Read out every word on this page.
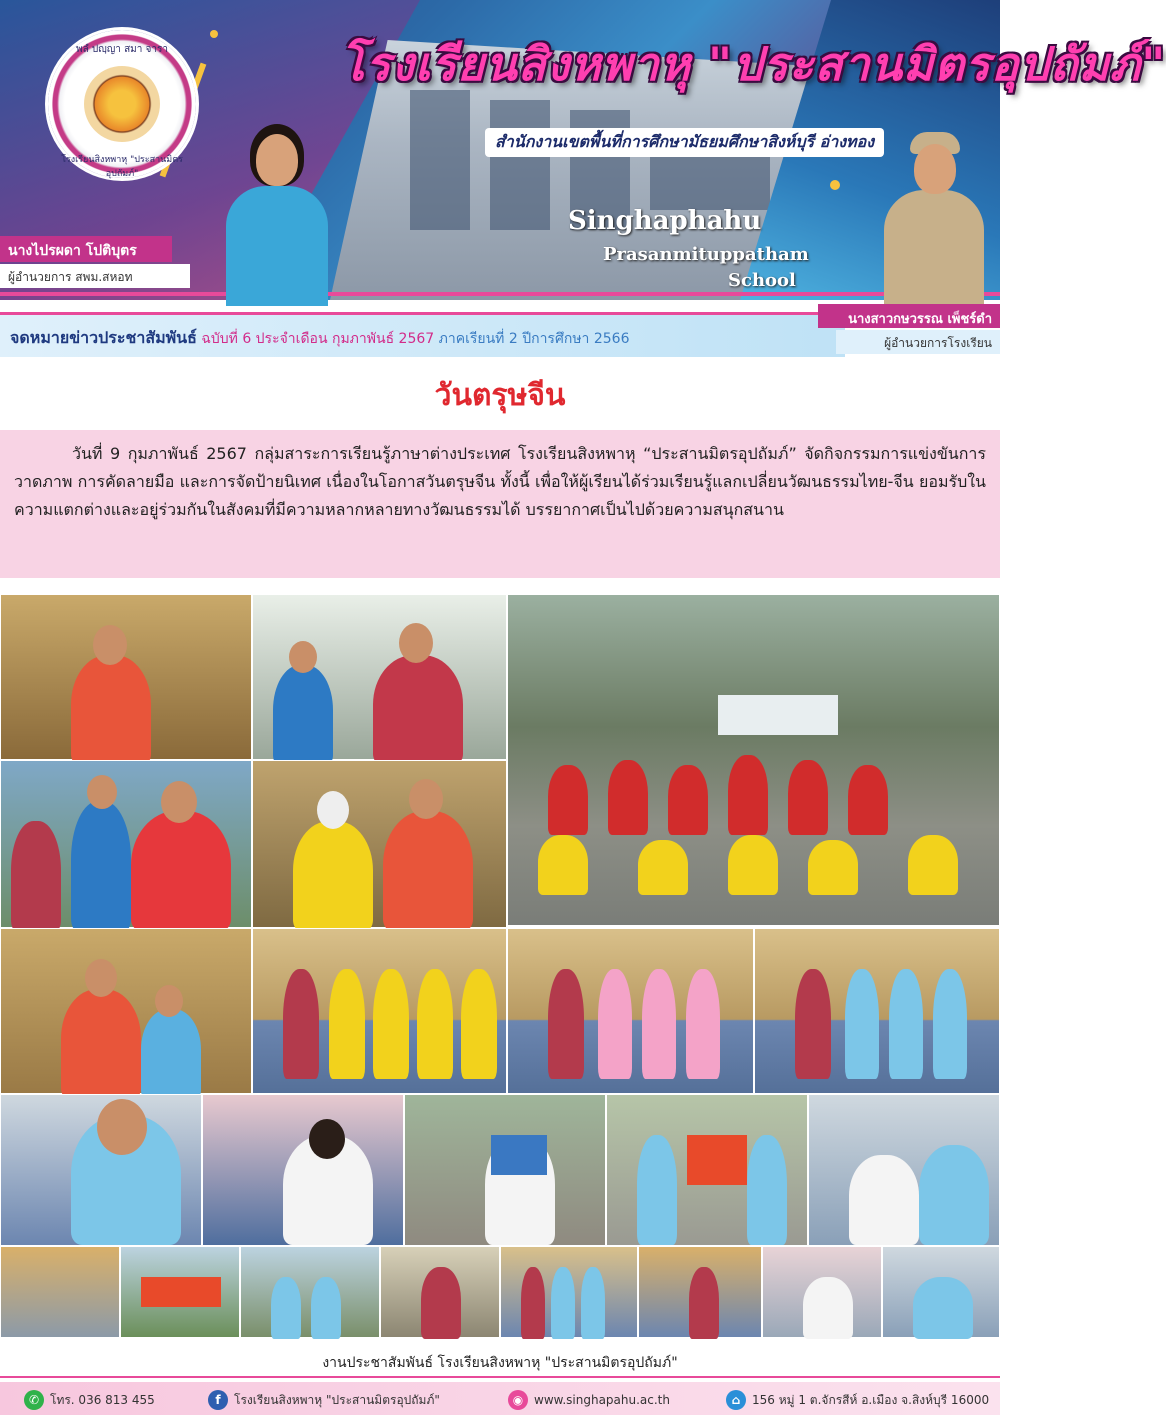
พลํ ปญฺญา สมา จารา
โรงเรียนสิงหพาหุ "ประสานมิตรอุปถัมภ์"
โรงเรียนสิงหพาหุ "ประสานมิตรอุปถัมภ์"
สำนักงานเขตพื้นที่การศึกษามัธยมศึกษาสิงห์บุรี อ่างทอง
Singhaphahu
Prasanmituppatham
School
นางไปรผดา โปติบุตร
ผู้อำนวยการ สพม.สหอท
จดหมายข่าวประชาสัมพันธ์ ฉบับที่ 6 ประจำเดือน กุมภาพันธ์ 2567 ภาคเรียนที่ 2 ปีการศึกษา 2566
นางสาวกษวรรณ เพ็ชร์ดำ
ผู้อำนวยการโรงเรียน
วันตรุษจีน
วันที่ 9 กุมภาพันธ์ 2567 กลุ่มสาระการเรียนรู้ภาษาต่างประเทศ โรงเรียนสิงหพาหุ “ประสานมิตรอุปถัมภ์” จัดกิจกรรมการแข่งขันการวาดภาพ การคัดลายมือ และการจัดป้ายนิเทศ เนื่องในโอกาสวันตรุษจีน ทั้งนี้ เพื่อให้ผู้เรียนได้ร่วมเรียนรู้แลกเปลี่ยนวัฒนธรรมไทย-จีน ยอมรับในความแตกต่างและอยู่ร่วมกันในสังคมที่มีความหลากหลายทางวัฒนธรรมได้ บรรยากาศเป็นไปด้วยความสนุกสนาน
งานประชาสัมพันธ์ โรงเรียนสิงหพาหุ "ประสานมิตรอุปถัมภ์"
✆ โทร. 036 813 455	f	โรงเรียนสิงหพาหุ "ประสานมิตรอุปถัมภ์"	◉ www.singhapahu.ac.th	⌂ 156 หมู่ 1 ต.จักรสีห์ อ.เมือง จ.สิงห์บุรี 16000
